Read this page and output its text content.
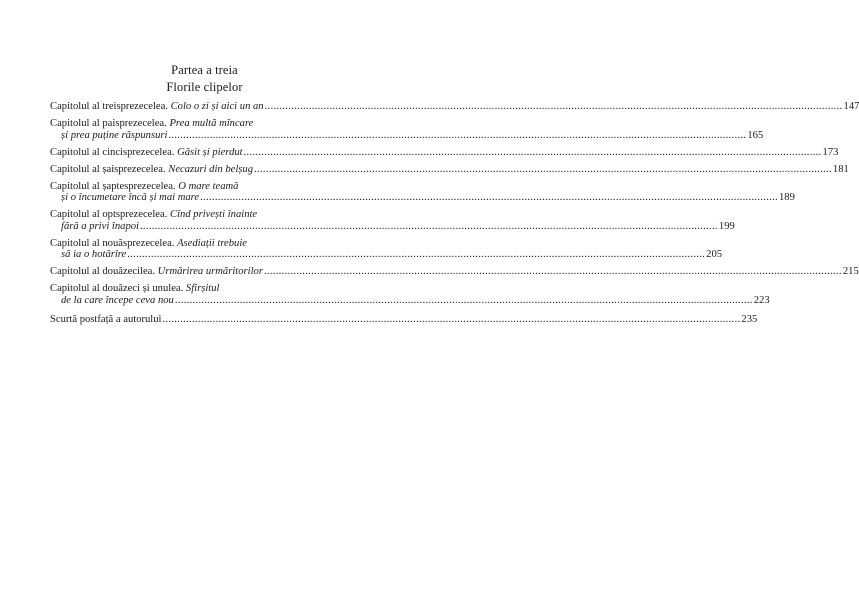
Partea a treia
Florile clipelor
Capitolul al treisprezecelea. Colo o zi și aici un an .....	147
Capitolul al paisprezecelea. Prea multă mîncare
și prea puține răspunsuri .....	165
Capitolul al cincisprezecelea. Găsit și pierdut .....	173
Capitolul al șaisprezecelea. Necazuri din belșug .....	181
Capitolul al șaptesprezecelea. O mare teamă
și o încumetare încă și mai mare .....	189
Capitolul al optsprezecelea. Cînd privești înainte
fără a privi înapoi .....	199
Capitolul al nouăsprezecelea. Asediații trebuie
să ia o hotărîre .....	205
Capitolul al douăzecilea. Urmărirea urmăritorilor .....	215
Capitolul al douăzeci și unulea. Sfîrșitul
de la care începe ceva nou .....	223
Scurtă postfață a autorului .....	235
